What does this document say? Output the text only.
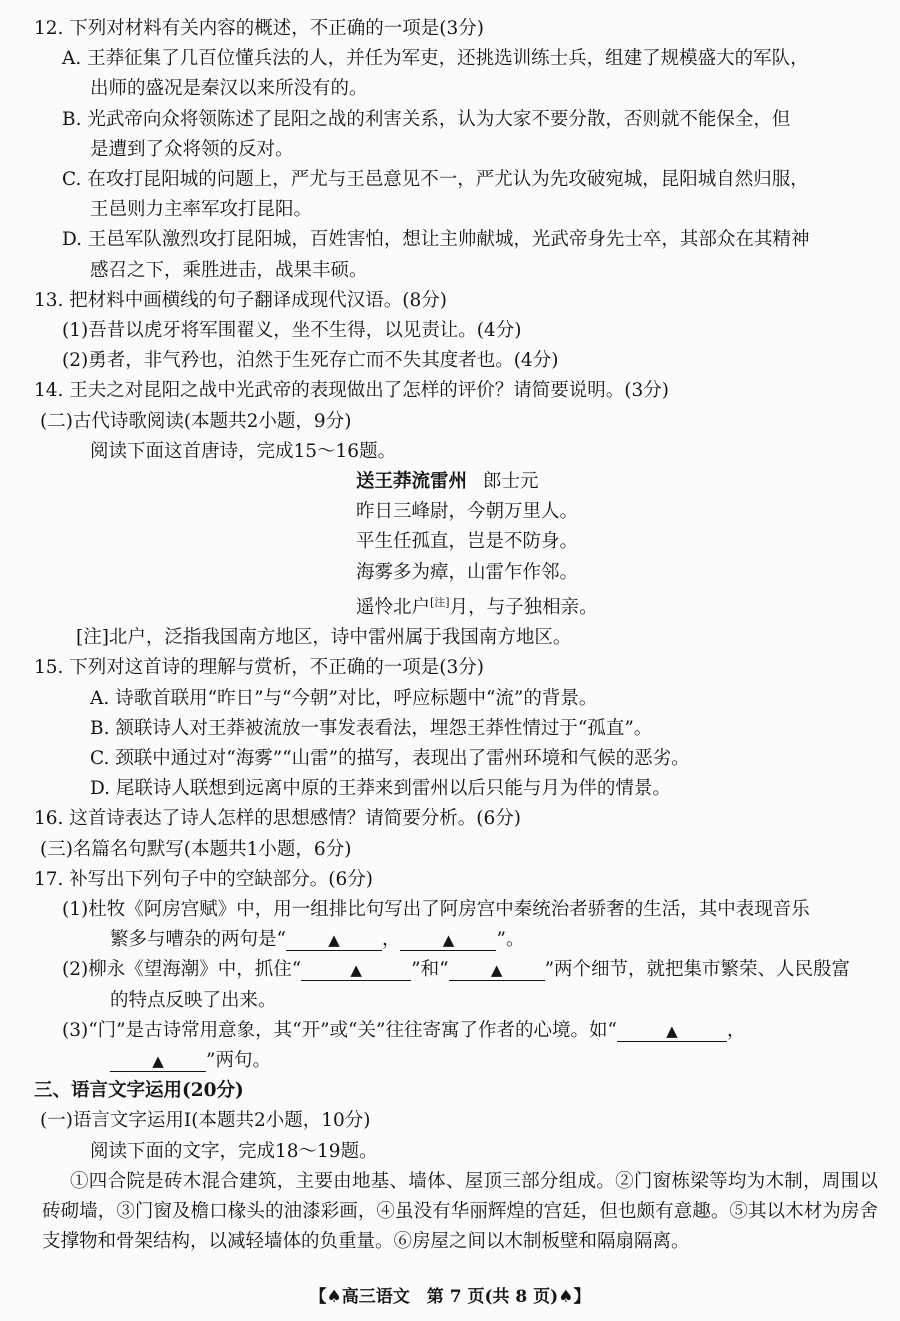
12. 下列对材料有关内容的概述，不正确的一项是(3分)
A. 王莽征集了几百位懂兵法的人，并任为军吏，还挑选训练士兵，组建了规模盛大的军队，
出师的盛况是秦汉以来所没有的。
B. 光武帝向众将领陈述了昆阳之战的利害关系，认为大家不要分散，否则就不能保全，但
是遭到了众将领的反对。
C. 在攻打昆阳城的问题上，严尤与王邑意见不一，严尤认为先攻破宛城，昆阳城自然归服，
王邑则力主率军攻打昆阳。
D. 王邑军队激烈攻打昆阳城，百姓害怕，想让主帅献城，光武帝身先士卒，其部众在其精神
感召之下，乘胜进击，战果丰硕。
13. 把材料中画横线的句子翻译成现代汉语。(8分)
(1)吾昔以虎牙将军围翟义，坐不生得，以见责让。(4分)
(2)勇者，非气矜也，泊然于生死存亡而不失其度者也。(4分)
14. 王夫之对昆阳之战中光武帝的表现做出了怎样的评价？请简要说明。(3分)
(二)古代诗歌阅读(本题共2小题，9分)
阅读下面这首唐诗，完成15～16题。
送王莽流雷州 郎士元
昨日三峰尉，今朝万里人。
平生任孤直，岂是不防身。
海雾多为瘴，山雷乍作邻。
遥怜北户[注]月，与子独相亲。
[注]北户，泛指我国南方地区，诗中雷州属于我国南方地区。
15. 下列对这首诗的理解与赏析，不正确的一项是(3分)
A. 诗歌首联用“昨日”与“今朝”对比，呼应标题中“流”的背景。
B. 颔联诗人对王莽被流放一事发表看法，埋怨王莽性情过于“孤直”。
C. 颈联中通过对“海雾”“山雷”的描写，表现出了雷州环境和气候的恶劣。
D. 尾联诗人联想到远离中原的王莽来到雷州以后只能与月为伴的情景。
16. 这首诗表达了诗人怎样的思想感情？请简要分析。(6分)
(三)名篇名句默写(本题共1小题，6分)
17. 补写出下列句子中的空缺部分。(6分)
(1)杜牧《阿房宫赋》中，用一组排比句写出了阿房宫中秦统治者骄奢的生活，其中表现音乐
繁多与嘈杂的两句是“	▲ ，	▲ ”。
(2)柳永《望海潮》中，抓住“	▲	”和“	▲ ”两个细节，就把集市繁荣、人民殷富
的特点反映了出来。
(3)“门”是古诗常用意象，其“开”或“关”往往寄寓了作者的心境。如“	▲	，
▲ ”两句。
三、语言文字运用(20分)
(一)语言文字运用Ⅰ(本题共2小题，10分)
阅读下面的文字，完成18～19题。
①四合院是砖木混合建筑，主要由地基、墙体、屋顶三部分组成。②门窗栋梁等均为木制，周围以砖砌墙，③门窗及檐口椽头的油漆彩画，④虽没有华丽辉煌的宫廷，但也颇有意趣。⑤其以木材为房舍支撑物和骨架结构，以减轻墙体的负重量。⑥房屋之间以木制板壁和隔扇隔离。
【♠高三语文　第 7 页(共 8 页)♠】
